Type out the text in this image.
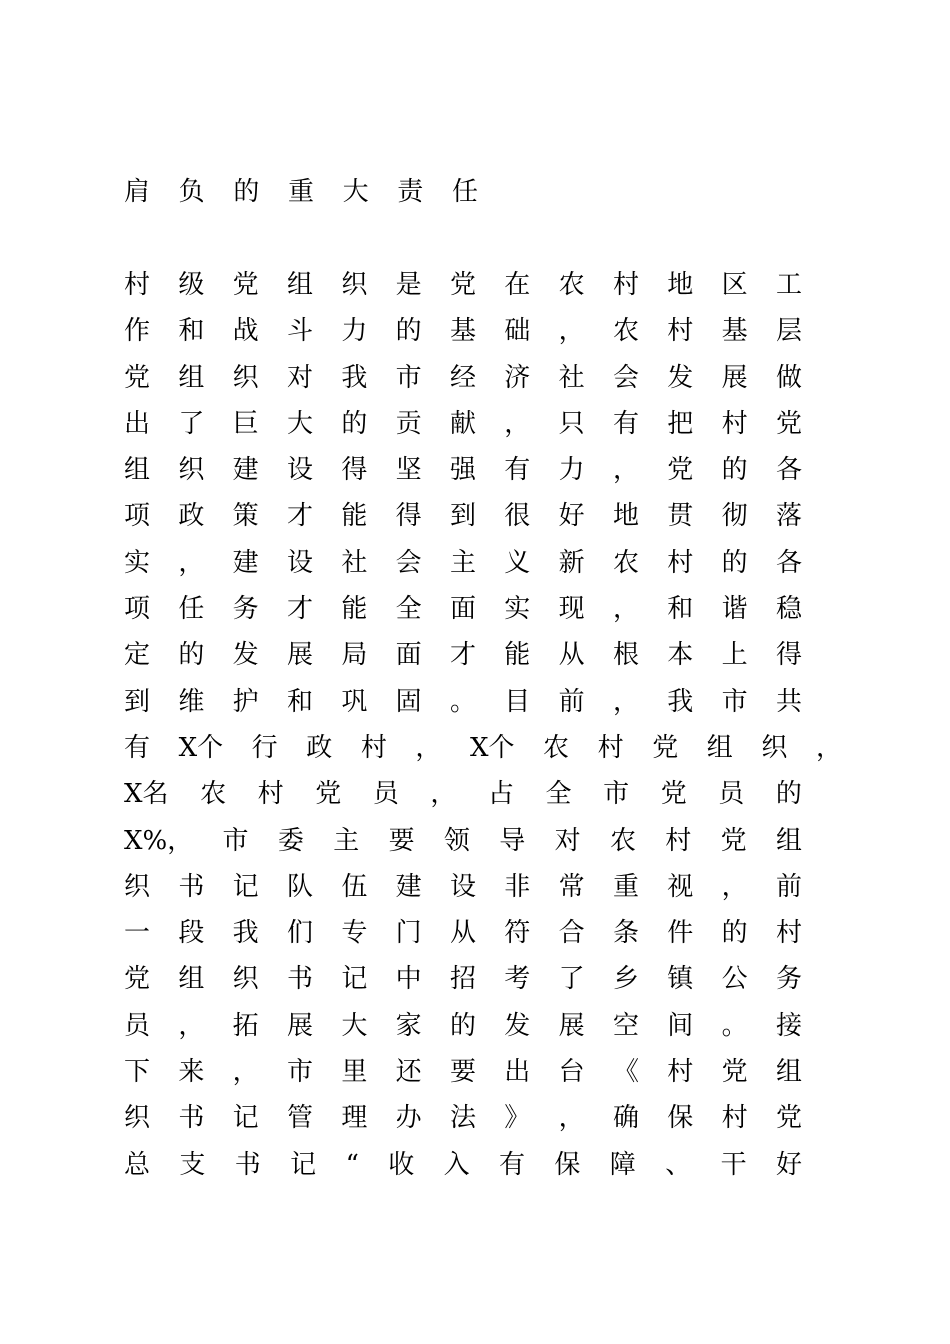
肩 负 的 重 大 责 任
村 级 党 组 织 是 党 在 农 村 地 区 工
作 和 战 斗 力 的 基 础 ， 农 村 基 层
党 组 织 对 我 市 经 济 社 会 发 展 做
出 了 巨 大 的 贡 献 ， 只 有 把 村 党
组 织 建 设 得 坚 强 有 力 ， 党 的 各
项 政 策 才 能 得 到 很 好 地 贯 彻 落
实 ， 建 设 社 会 主 义 新 农 村 的 各
项 任 务 才 能 全 面 实 现 ， 和 谐 稳
定 的 发 展 局 面 才 能 从 根 本 上 得
到 维 护 和 巩 固 。 目 前 ， 我 市 共
有 X个 行 政 村 ， X个 农 村 党 组 织 ，
X名 农 村 党 员 ， 占 全 市 党 员 的
X%， 市 委 主 要 领 导 对 农 村 党 组
织 书 记 队 伍 建 设 非 常 重 视 ， 前
一 段 我 们 专 门 从 符 合 条 件 的 村
党 组 织 书 记 中 招 考 了 乡 镇 公 务
员 ， 拓 展 大 家 的 发 展 空 间 。 接
下 来 ， 市 里 还 要 出 台 《 村 党 组
织 书 记 管 理 办 法 》 ， 确 保 村 党
总 支 书 记 “ 收 入 有 保 障 、 干 好
